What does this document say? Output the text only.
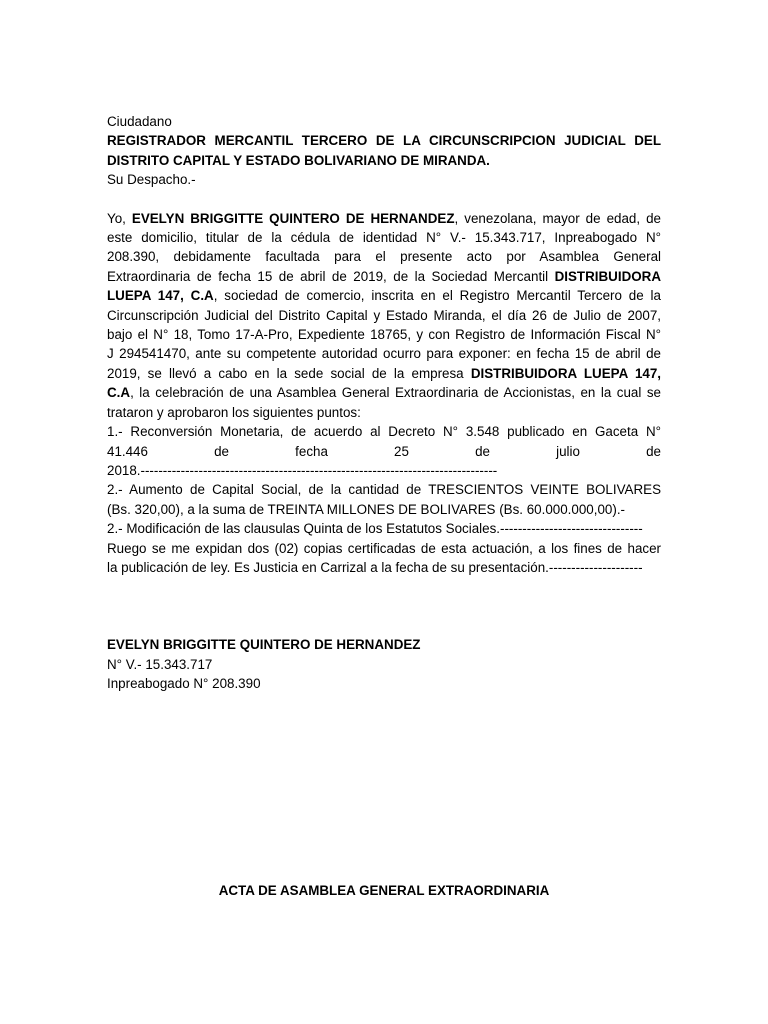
Ciudadano
REGISTRADOR MERCANTIL TERCERO DE LA CIRCUNSCRIPCION JUDICIAL DEL
DISTRITO CAPITAL Y ESTADO BOLIVARIANO DE MIRANDA.
Su Despacho.-
Yo, EVELYN BRIGGITTE QUINTERO DE HERNANDEZ, venezolana, mayor de edad, de
este domicilio, titular de la cédula de identidad N° V.- 15.343.717, Inpreabogado N°
208.390, debidamente facultada para el presente acto por Asamblea General
Extraordinaria de fecha 15 de abril de 2019, de la Sociedad Mercantil DISTRIBUIDORA
LUEPA 147, C.A, sociedad de comercio, inscrita en el Registro Mercantil Tercero de la
Circunscripción Judicial del Distrito Capital y Estado Miranda, el día 26 de Julio de 2007,
bajo el N° 18, Tomo 17-A-Pro, Expediente 18765, y con Registro de Información Fiscal N°
J 294541470, ante su competente autoridad ocurro para exponer: en fecha 15 de abril de
2019, se llevó a cabo en la sede social de la empresa DISTRIBUIDORA LUEPA 147,
C.A, la celebración de una Asamblea General Extraordinaria de Accionistas, en la cual se
trataron y aprobaron los siguientes puntos:
1.- Reconversión Monetaria, de acuerdo al Decreto N° 3.548 publicado en Gaceta N°
41.446 de fecha 25 de julio de
2018.--------------------------------------------------------------------------------
2.- Aumento de Capital Social, de la cantidad de TRESCIENTOS VEINTE BOLIVARES
(Bs. 320,00), a la suma de TREINTA MILLONES DE BOLIVARES (Bs. 60.000.000,00).-
2.- Modificación de las clausulas Quinta de los Estatutos Sociales.--------------------------------
Ruego se me expidan dos (02) copias certificadas de esta actuación, a los fines de hacer
la publicación de ley. Es Justicia en Carrizal a la fecha de su presentación.---------------------
EVELYN BRIGGITTE QUINTERO DE HERNANDEZ
N° V.- 15.343.717
Inpreabogado N° 208.390
ACTA DE ASAMBLEA GENERAL EXTRAORDINARIA
